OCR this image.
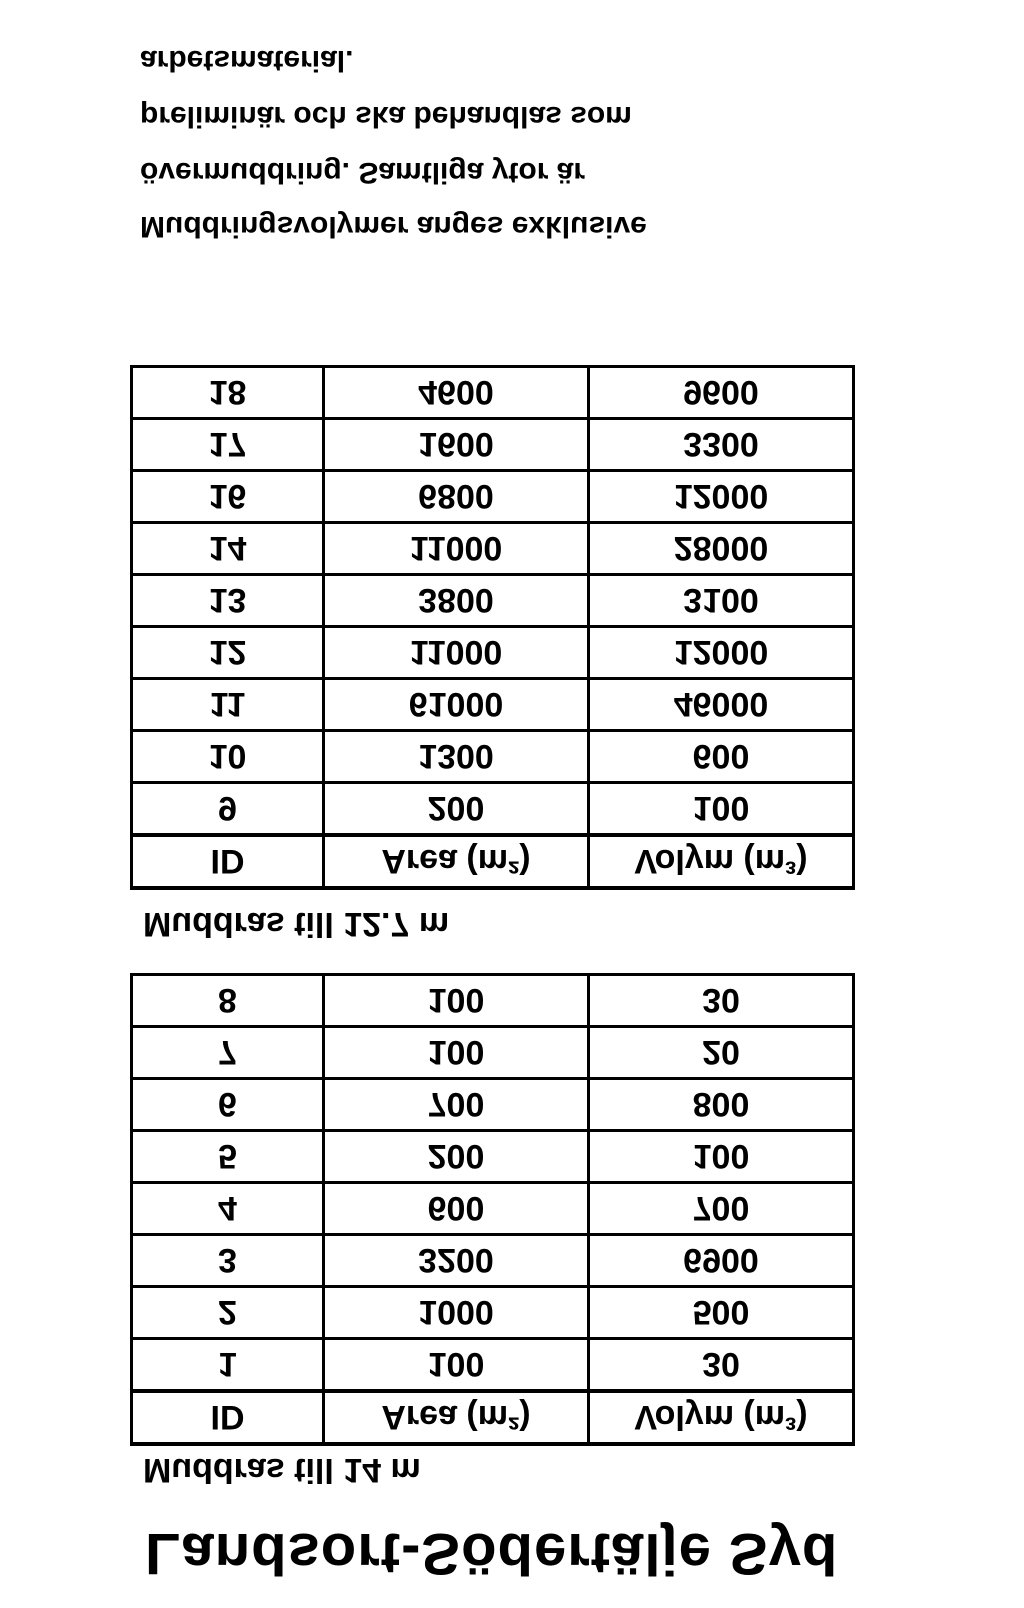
Landsort-Södertälje Syd
Muddras till 14 m
ID	Area (m²)	Volym (m³)
1	100	30
2	1000	500
3	3200	6900
4	600	700
5	200	100
6	700	800
7	100	20
8	100	30
Muddras till 12.7 m
ID	Area (m²)	Volym (m³)
9	200	100
10	1300	600
11	61000	46000
12	11000	12000
13	3800	3100
14	11000	28000
16	6800	12000
17	1600	3300
18	4600	9600
Muddringsvolymer anges exklusive
övermuddring. Samtliga ytor är
preliminär och ska behandlas som
arbetsmaterial.
